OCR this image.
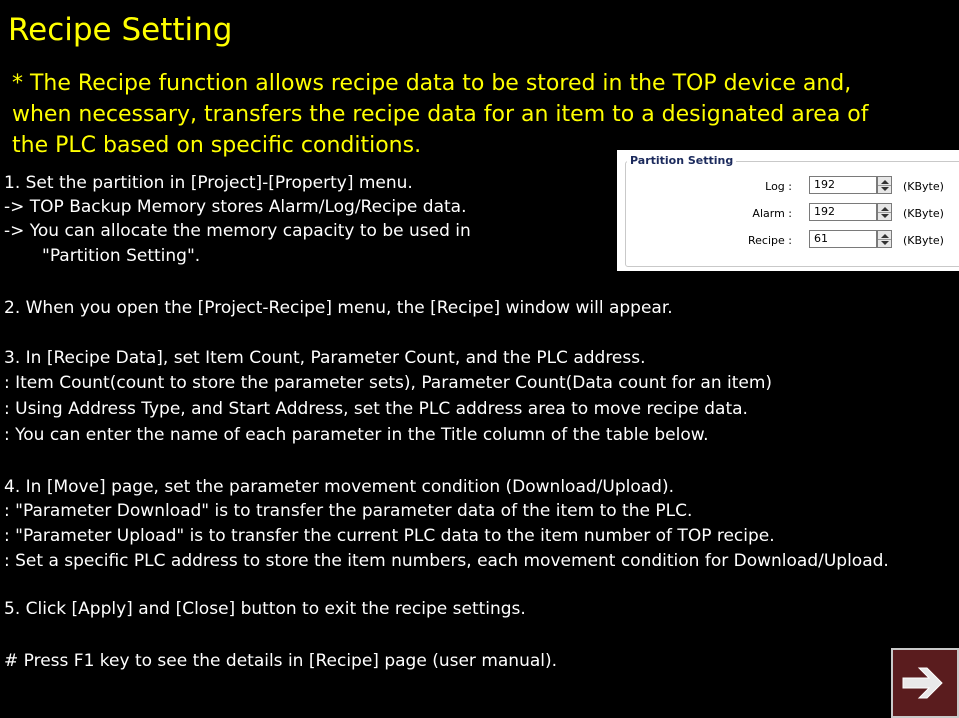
Recipe Setting
* The Recipe function allows recipe data to be stored in the TOP device and, when necessary, transfers the recipe data for an item to a designated area of the PLC based on specific conditions.
1. Set the partition in [Project]-[Property] menu.
-> TOP Backup Memory stores Alarm/Log/Recipe data.
-> You can allocate the memory capacity to be used in
"Partition Setting".
2. When you open the [Project-Recipe] menu, the [Recipe] window will appear.
3. In [Recipe Data], set Item Count, Parameter Count, and the PLC address.
: Item Count(count to store the parameter sets), Parameter Count(Data count for an item)
: Using Address Type, and Start Address, set the PLC address area to move recipe data.
: You can enter the name of each parameter in the Title column of the table below.
4. In [Move] page, set the parameter movement condition (Download/Upload).
: "Parameter Download" is to transfer the parameter data of the item to the PLC.
: "Parameter Upload" is to transfer the current PLC data to the item number of TOP recipe.
: Set a specific PLC address to store the item numbers, each movement condition for Download/Upload.
5. Click [Apply] and [Close] button to exit the recipe settings.
# Press F1 key to see the details in [Recipe] page (user manual).
Partition Setting
Log :	192	(KByte)
Alarm :	192	(KByte)
Recipe :	61	(KByte)
